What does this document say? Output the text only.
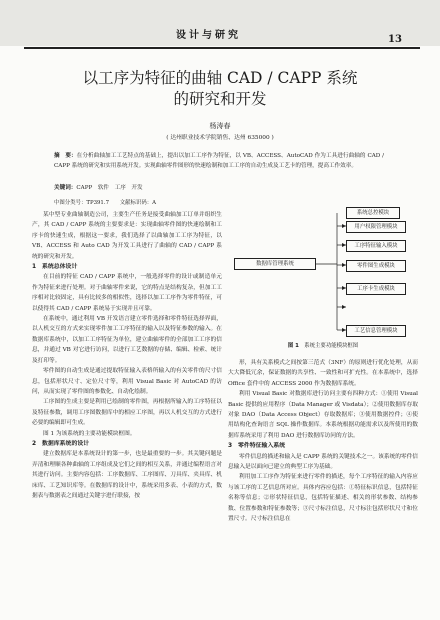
设计与研究	13
以工序为特征的曲轴 CAD / CAPP 系统
的研究和开发
杨涛春
( 达州职业技术学院销售、达州 635000 )
摘　要：在分析曲轴加工工艺特点的基础上，提出以加工工序作为特征，以 VB、ACCESS、AutoCAD 作为工具进行曲轴的 CAD / CAPP 系统的研究和实用系统开发。实现曲轴零件图形的快速绘制和加工工序的自动生成及工艺卡的管理，提高工作效率。
关键词：CAPP　软件　工序　开发
中图分类号：TP391.7　　文献标识码：A

某中型专业曲轴制造公司，主要生产任务是接受曲轴加工订单并组织生产，其 CAD / CAPP 系统的主要要求是：实现曲轴零件图的快速绘制和工序卡的快速生成，根据这一要求，我们选择了以曲轴加工工序为特征，以 VB、ACCESS 和 Auto CAD 为开发工具进行了曲轴的 CAD / CAPP 系统的研究和开发。

1　系统总体设计

在目前的特征 CAD / CAPP 系统中，一般选择零件的设计或制造单元作为特征来进行处理。对于曲轴零件来说，它的特点是结构复杂，但加工工序相对比较固定，具有比较多的相似性，选择以加工工序作为零件特征，可以使得其 CAD / CAPP 系统易于实现并且可靠。

在系统中，通过利用 VB 开发语言建立零件选择和零件特征选择界面，以人机交互的方式来实现零件加工工序特征的输入以及特征参数的输入。在数据库系统中，以加工工序特征为单位，建立曲轴零件的全部加工工序的信息，并通过 VB 对它进行访问，以进行工艺数据的存储、编辑、检索、统计及打印等。

零件图的自动生成是通过提取特征输入表格所输入的有关零件的尺寸信息，包括形状尺寸、定位尺寸等，利用 Visual Basic 对 AutoCAD 的访问，从而实现了零件图的参数化、自动化绘制。

工序图的生成主要是利用已绘制的零件图，再根据所输入的工序特征以及特征参数，调用工序图数据库中的相应工序图，再以人机交互的方式进行必要的编辑即可生成。

图 1 为该系统的主要功能模块框图。

2　数据库系统的设计

建立数据库是本系统设计的第一步，也是最重要的一步。其关键问题是弄清和理顺各种曲轴的工序组成及它们之间的相互关系，并通过编程语言对其进行访问。主要内容包括：工序数据库、工序图库、刀具库、夹具库、机床库、工艺知识库等。在数据库的设计中，系统采用多表、小表的方式，数据表与数据表之间通过关键字进行联接，按

数据库管理系统
系统总控模块
用户权限管理模块
工序特征输入模块
零件图生成模块
工序卡生成模块
工艺信息管理模块
图 1　 系统主要功能模块框图

形，具有关系模式之间按第三范式（3NF）的原则进行优化处理，从而大大降低冗余，保证数据的共享性、一致性和可扩充性。在本系统中，选择 Office 套件中的 ACCESS 2000 作为数据库系统。

利用 Visual Basic 对数据库进行访问主要有四种方式：①使用 Visual Basic 提供的应用程序（Data Manager 或 Visdata）；②使用数据库存取对象 DAO（Data Access Object）存取数据库；③使用数据控件；④使用结构化查询语言 SQL 操作数据库。本系统根据功能需求以及所使用的数据库系统采用了利用 DAO 进行数据库访问的方法。

3　零件特征输入系统

零件信息的描述和输入是 CAPP 系统的关键技术之一。该系统的零件信息输入是以面向已建立的典型工序为基础。

利用加工工序作为特征来进行零件的描述，每个工序特征的输入内容应与该工序的工艺信息所对应。具体内容应包括：①特征标识信息，包括特征名称等信息；②形状特征信息，包括特征描述、相关的形状参数、结构参数、位置参数和特征参数等；③尺寸标注信息，尺寸标注包括形状尺寸和位置尺寸。尺寸标注信息在
